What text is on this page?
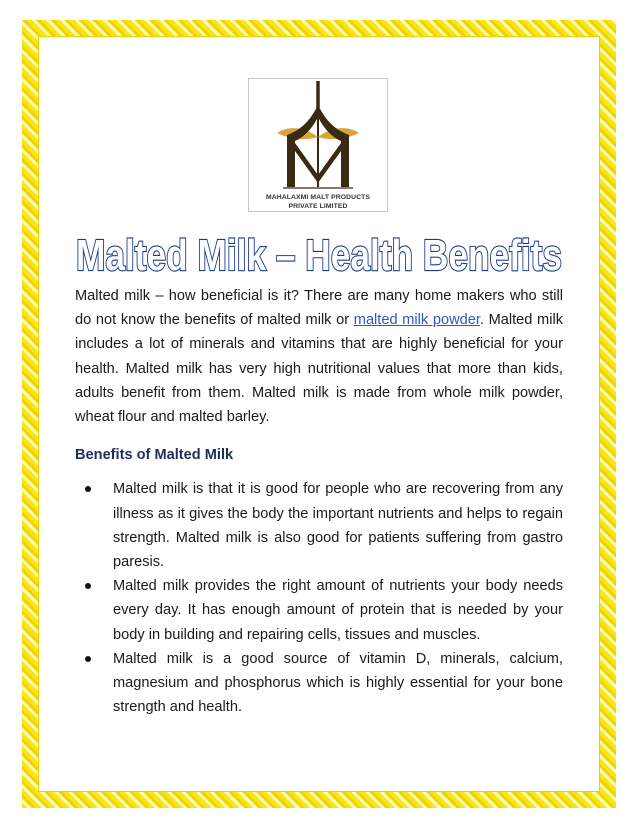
MAHALAXMI MALT PRODUCTS
PRIVATE LIMITED
Malted Milk – Health Benefits

Malted milk – how beneficial is it? There are many home makers who still do not know the benefits of malted milk or malted milk powder. Malted milk includes a lot of minerals and vitamins that are highly beneficial for your health. Malted milk has very high nutritional values that more than kids, adults benefit from them. Malted milk is made from whole milk powder, wheat flour and malted barley.

Benefits of Malted Milk
Malted milk is that it is good for people who are recovering from any illness as it gives the body the important nutrients and helps to regain strength. Malted milk is also good for patients suffering from gastro paresis.
Malted milk provides the right amount of nutrients your body needs every day. It has enough amount of protein that is needed by your body in building and repairing cells, tissues and muscles.
Malted milk is a good source of vitamin D, minerals, calcium, magnesium and phosphorus which is highly essential for your bone strength and health.
